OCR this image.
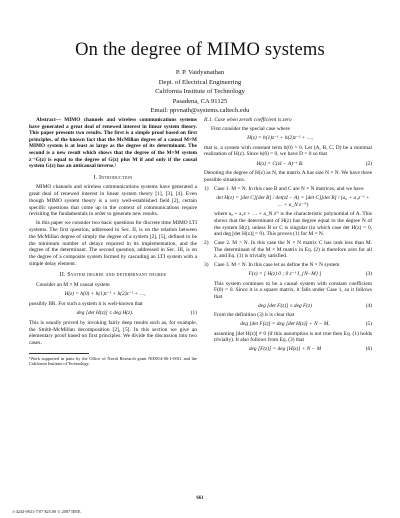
On the degree of MIMO systems
P. P. Vaidyanathan
Dept. of Electrical Engineering
California Institute of Technology
Pasadena, CA 91125
Email: ppvnath@systems.caltech.edu

Abstract— MIMO channels and wireless communications systems have generated a great deal of renewed interest in linear system theory. This paper presents two results. The first is a simple proof based on first principles, of the known fact that the McMillan degree of a causal M×M MIMO system is at least as large as the degree of its determinant. The second is a new result which shows that the degree of the M×M system z⁻¹G(z) is equal to the degree of G(z) plus M if and only if the causal system G(z) has an anticausal inverse.¹

I. Introduction

MIMO channels and wireless communications systems have generated a great deal of renewed interest in linear system theory [1], [3], [4]. Even though MIMO system theory is a very well-established field [2], certain specific questions that come up in the context of communications require revisiting the fundamentals in order to generate new results.

In this paper we consider two basic questions for discrete time MIMO LTI systems. The first question, addressed in Sec. II, is on the relation between the McMillan degree of simply the degree of a system [2], [5], defined to be the minimum number of delays required in its implementation, and the degree of the determinant. The second question, addressed in Sec. III, is on the degree of a composite system formed by cascading an LTI system with a simple delay element.

II. System degree and determinant degree

Consider an M × M causal system

H(z) = h(0) + h(1)z⁻¹ + h(2)z⁻² + …,

possibly IIR. For such a system it is well-known that

deg [det H(z)] ≤ deg H(z).	(1)

This is usually proved by invoking fairly deep results such as, for example, the Smith-McMillan decomposition [2], [5]. In this section we give an elementary proof based on first principles. We divide the discussion into two cases.

¹Work supported in parts by the Office of Naval Research grant N00014-06-1-0011 and the California Institute of Technology.
II.1. Case when zeroth coefficient is zero

First consider the special case where

H(z) = h(1)z⁻¹ + h(2)z⁻² + …,

that is, a system with constant term h(0) = 0. Let (A, B, C, D) be a minimal realization of H(z). Since h(0) = 0, we have D = 0 so that

H(z) = C(zI − A)⁻¹ B.	(2)

Denoting the degree of H(z) as N, the matrix A has size N × N. We have three possible situations.

1)	Case 1. M = N. In this case B and C are N × N matrices, and we have
det H(z) = [det C][det B] / det(zI − A) = [det C][det B] / (a₀ + a₁z⁻¹ + … + a_N z⁻ᴺ)
where a₀ + a₁z + … + a_N zᴺ is the characteristic polynomial of A. This shows that the determinant of H(z) has degree equal to the degree N of the system H(z), unless B or C is singular (in which case det H(z) = 0, and deg [det H(z)] = 0). This proves (1) for M = N.
2)	Case 2. M > N. In this case the N × N matrix C has rank less than M. The determinant of the M × M matrix in Eq. (2) is therefore zero for all z, and Eq. (1) is trivially satisfied.
3)	Case 3. M < N. In this case let us define the N × N system
F(z) = [ H(z) 0 ; 0 z⁻¹ I_{N−M} ]	(3)
This system continues to be a causal system with constant coefficient F(0) = 0. Since it is a square matrix, it falls under Case 1, so it follows that
deg [det F(z)] ≤ deg F(z)	(4)
From the definition (3) it is clear that
deg [det F(z)] = deg [det H(z)] + N − M,	(5)
assuming [det H(z)] ≠ 0 (if this assumption is not true then Eq. (1) holds trivially). It also follows from Eq. (3) that
deg [F(z)] = deg [H(z)] + N − M	(6)
661
1-4244-0921-7/07 $25.00 © 2007 IEEE.
